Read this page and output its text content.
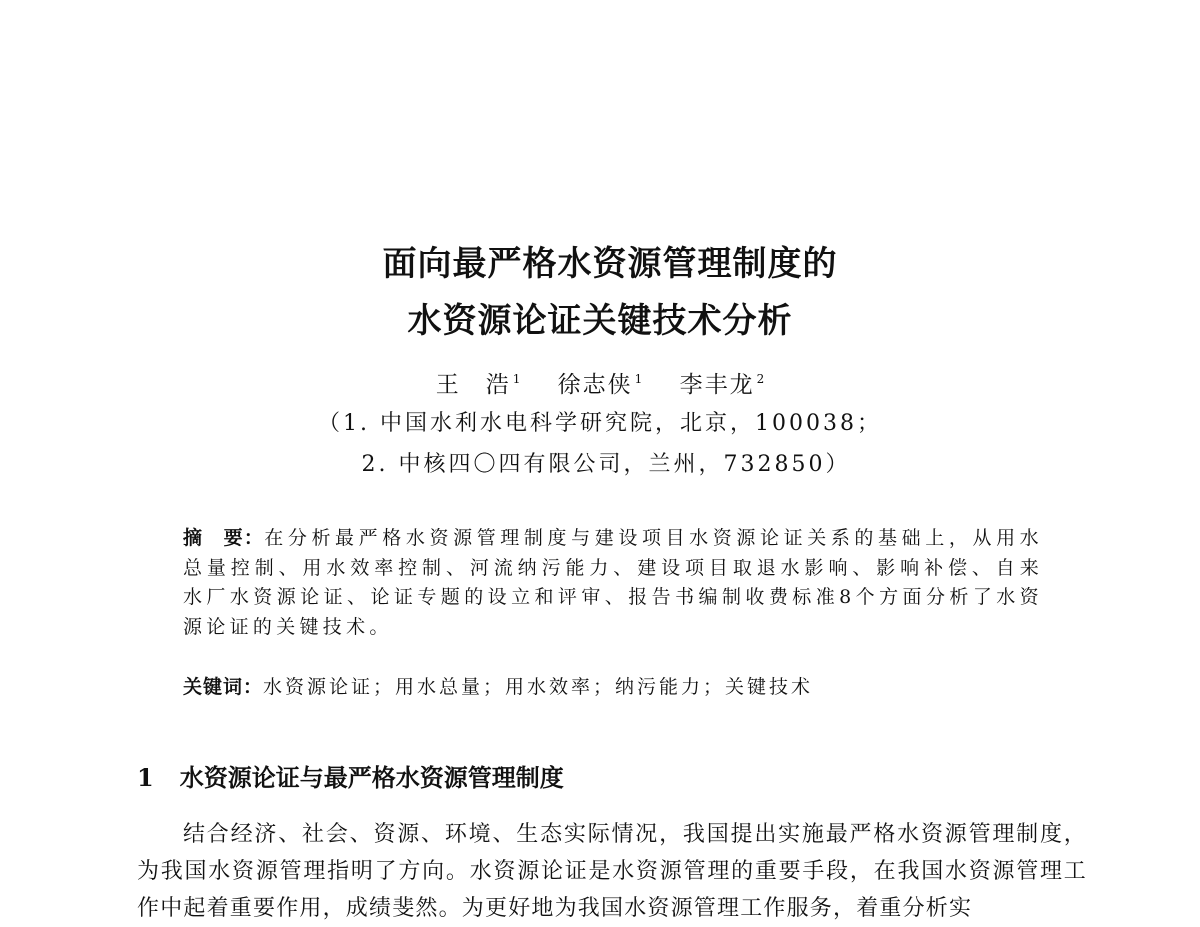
面向最严格水资源管理制度的
水资源论证关键技术分析
王　浩 $^1$ 徐志侠 $^1$ 李丰龙 $^2$
（1. 中国水利水电科学研究院，北京，100038；
2. 中核四〇四有限公司，兰州，732850）
摘　要：在分析最严格水资源管理制度与建设项目水资源论证关系的基础上，从用水总量控制、用水效率控制、河流纳污能力、建设项目取退水影响、影响补偿、自来水厂水资源论证、论证专题的设立和评审、报告书编制收费标准8个方面分析了水资源论证的关键技术。
关键词：水资源论证；用水总量；用水效率；纳污能力；关键技术
1 水资源论证与最严格水资源管理制度
结合经济、社会、资源、环境、生态实际情况，我国提出实施最严格水资源管理制度，为我国水资源管理指明了方向。水资源论证是水资源管理的重要手段，在我国水资源管理工作中起着重要作用，成绩斐然。为更好地为我国水资源管理工作服务，着重分析实
